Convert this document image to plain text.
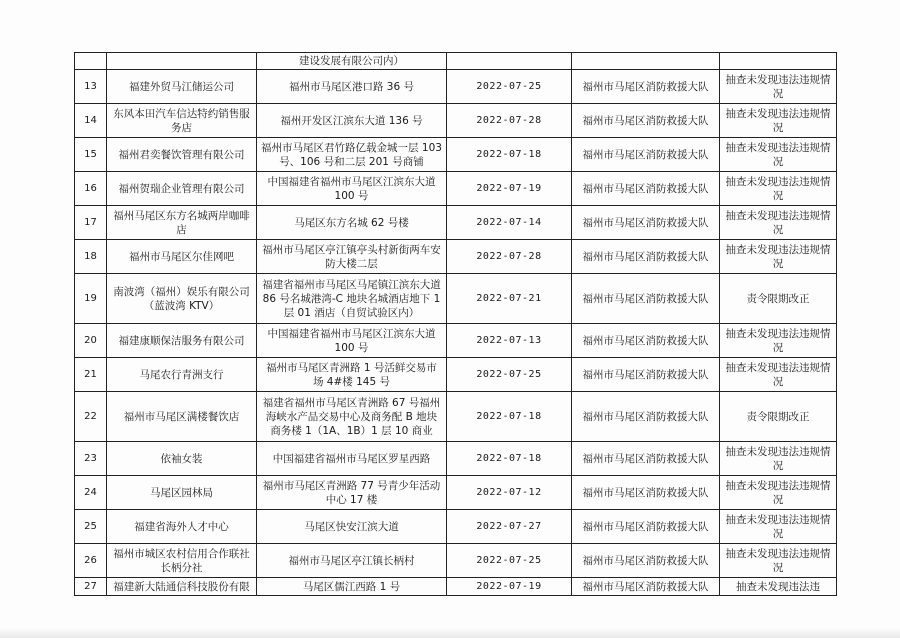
		建设发展有限公司内）			
13	福建外贸马江储运公司	福州市马尾区港口路 36 号	2022-07-25	福州市马尾区消防救援大队	抽查未发现违法违规情况
14	东风本田汽车信达特约销售服务店	福州开发区江滨东大道 136 号	2022-07-28	福州市马尾区消防救援大队	抽查未发现违法违规情况
15	福州君奕餐饮管理有限公司	福州市马尾区君竹路亿载金城一层 103 号、106 号和二层 201 号商铺	2022-07-18	福州市马尾区消防救援大队	抽查未发现违法违规情况
16	福州贺瑞企业管理有限公司	中国福建省福州市马尾区江滨东大道 100 号	2022-07-19	福州市马尾区消防救援大队	抽查未发现违法违规情况
17	福州马尾区东方名城两岸咖啡店	马尾区东方名城 62 号楼	2022-07-14	福州市马尾区消防救援大队	抽查未发现违法违规情况
18	福州市马尾区尔佳网吧	福州市马尾区亭江镇亭头村新街两车安防大楼二层	2022-07-28	福州市马尾区消防救援大队	抽查未发现违法违规情况
19	南波湾（福州）娱乐有限公司（蓝波湾 KTV）	福建省福州市马尾区马尾镇江滨东大道 86 号名城港湾-C 地块名城酒店地下 1 层 01 酒店（自贸试验区内）	2022-07-21	福州市马尾区消防救援大队	责令限期改正
20	福建康顺保洁服务有限公司	中国福建省福州市马尾区江滨东大道 100 号	2022-07-13	福州市马尾区消防救援大队	抽查未发现违法违规情况
21	马尾农行青洲支行	福州市马尾区青洲路 1 号活鲜交易市场 4#楼 145 号	2022-07-25	福州市马尾区消防救援大队	抽查未发现违法违规情况
22	福州市马尾区满楼餐饮店	福建省福州市马尾区青洲路 67 号福州海峡水产品交易中心及商务配 B 地块商务楼 1（1A、1B）1 层 10 商业	2022-07-18	福州市马尾区消防救援大队	责令限期改正
23	依袖女装	中国福建省福州市马尾区罗星西路	2022-07-18	福州市马尾区消防救援大队	抽查未发现违法违规情况
24	马尾区园林局	福州市马尾区青洲路 77 号青少年活动中心 17 楼	2022-07-12	福州市马尾区消防救援大队	抽查未发现违法违规情况
25	福建省海外人才中心	马尾区快安江滨大道	2022-07-27	福州市马尾区消防救援大队	抽查未发现违法违规情况
26	福州市城区农村信用合作联社长柄分社	福州市马尾区亭江镇长柄村	2022-07-25	福州市马尾区消防救援大队	抽查未发现违法违规情况
27	福建新大陆通信科技股份有限	马尾区儒江西路 1 号	2022-07-19	福州市马尾区消防救援大队	抽查未发现违法违
